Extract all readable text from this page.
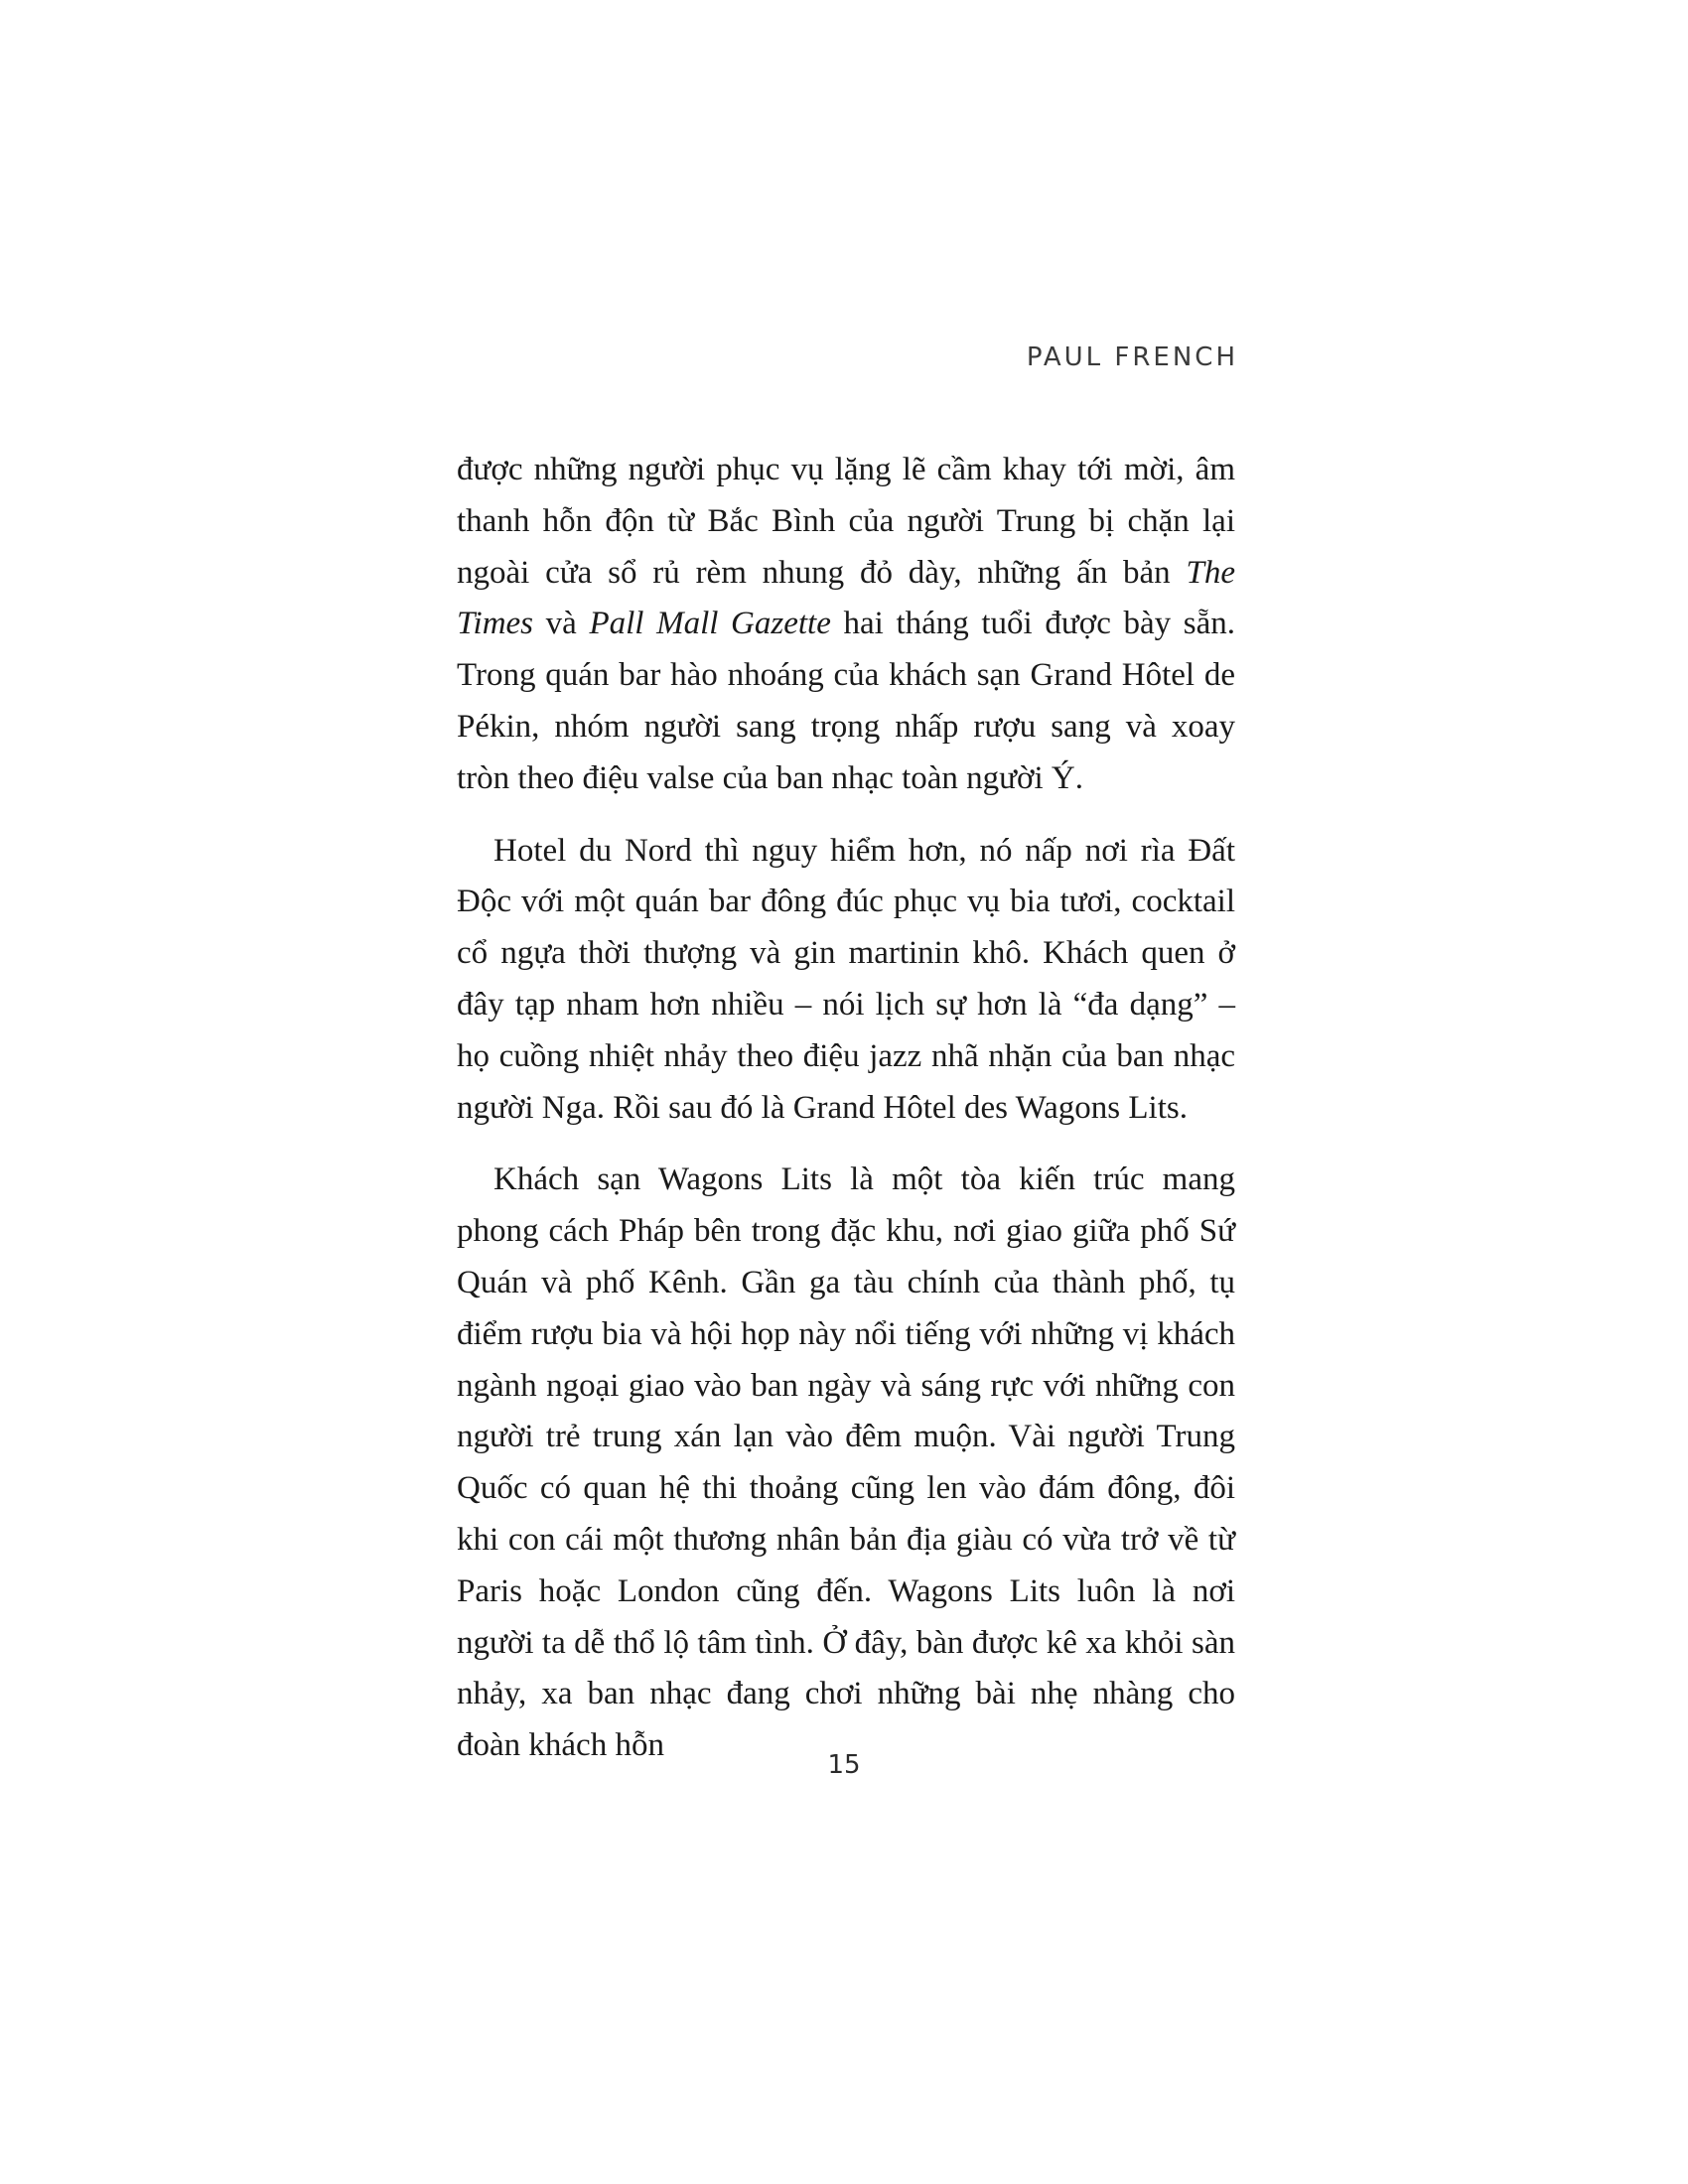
PAUL FRENCH

được những người phục vụ lặng lẽ cầm khay tới mời, âm thanh hỗn độn từ Bắc Bình của người Trung bị chặn lại ngoài cửa sổ rủ rèm nhung đỏ dày, những ấn bản The Times và Pall Mall Gazette hai tháng tuổi được bày sẵn. Trong quán bar hào nhoáng của khách sạn Grand Hôtel de Pékin, nhóm người sang trọng nhấp rượu sang và xoay tròn theo điệu valse của ban nhạc toàn người Ý.

Hotel du Nord thì nguy hiểm hơn, nó nấp nơi rìa Đất Độc với một quán bar đông đúc phục vụ bia tươi, cocktail cổ ngựa thời thượng và gin martinin khô. Khách quen ở đây tạp nham hơn nhiều – nói lịch sự hơn là “đa dạng” – họ cuồng nhiệt nhảy theo điệu jazz nhã nhặn của ban nhạc người Nga. Rồi sau đó là Grand Hôtel des Wagons Lits.

Khách sạn Wagons Lits là một tòa kiến trúc mang phong cách Pháp bên trong đặc khu, nơi giao giữa phố Sứ Quán và phố Kênh. Gần ga tàu chính của thành phố, tụ điểm rượu bia và hội họp này nổi tiếng với những vị khách ngành ngoại giao vào ban ngày và sáng rực với những con người trẻ trung xán lạn vào đêm muộn. Vài người Trung Quốc có quan hệ thi thoảng cũng len vào đám đông, đôi khi con cái một thương nhân bản địa giàu có vừa trở về từ Paris hoặc London cũng đến. Wagons Lits luôn là nơi người ta dễ thổ lộ tâm tình. Ở đây, bàn được kê xa khỏi sàn nhảy, xa ban nhạc đang chơi những bài nhẹ nhàng cho đoàn khách hỗn

15
